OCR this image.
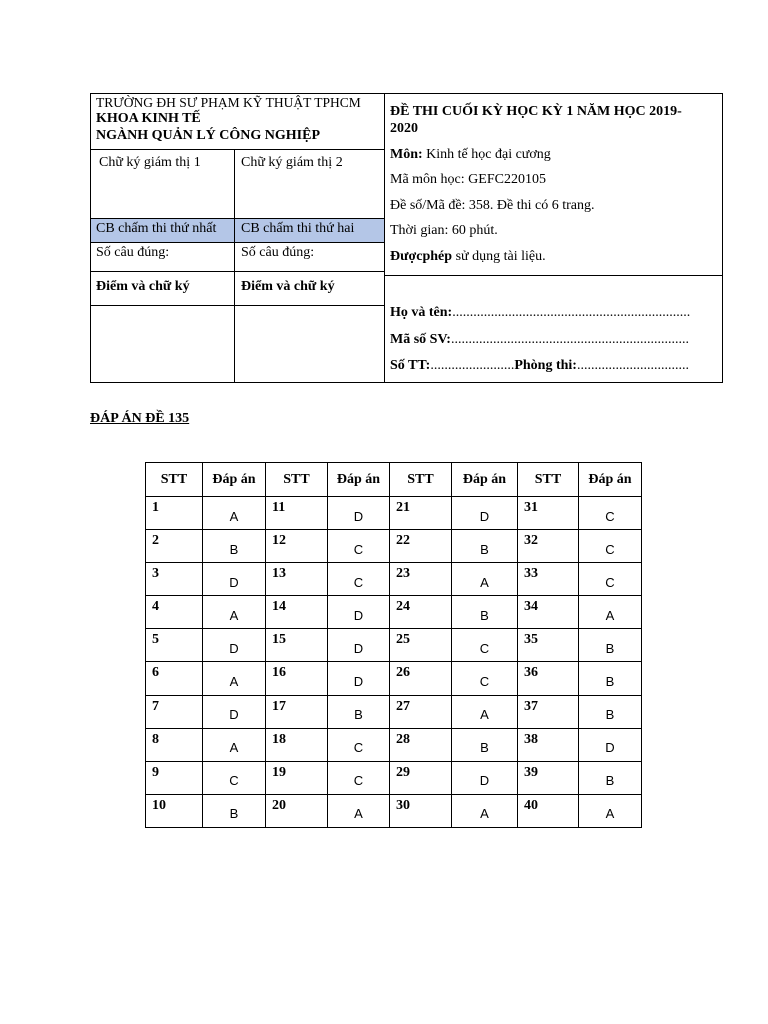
TRƯỜNG ĐH SƯ PHẠM KỸ THUẬT TPHCM
KHOA KINH TẾ
NGÀNH QUẢN LÝ CÔNG NGHIỆP
Chữ ký giám thị 1	Chữ ký giám thị 2
CB chấm thi thứ nhất CB chấm thi thứ hai
Số câu đúng:	Số câu đúng:
Điểm và chữ ký	Điểm và chữ ký
ĐỀ THI CUỐI KỲ HỌC KỲ 1 NĂM HỌC 2019-
2020
Môn: Kinh tế học đại cương
Mã môn học: GEFC220105
Đề số/Mã đề: 358. Đề thi có 6 trang.
Thời gian: 60 phút.
Đượcphép sử dụng tài liệu.
Họ và tên:....................................................................
Mã số SV:....................................................................
Số TT:........................Phòng thi:................................
ĐÁP ÁN ĐỀ 135
STT	Đáp án	STT	Đáp án	STT	Đáp án	STT	Đáp án
1	A	11	D	21	D	31	C
2	B	12	C	22	B	32	C
3	D	13	C	23	A	33	C
4	A	14	D	24	B	34	A
5	D	15	D	25	C	35	B
6	A	16	D	26	C	36	B
7	D	17	B	27	A	37	B
8	A	18	C	28	B	38	D
9	C	19	C	29	D	39	B
10	B	20	A	30	A	40	A
